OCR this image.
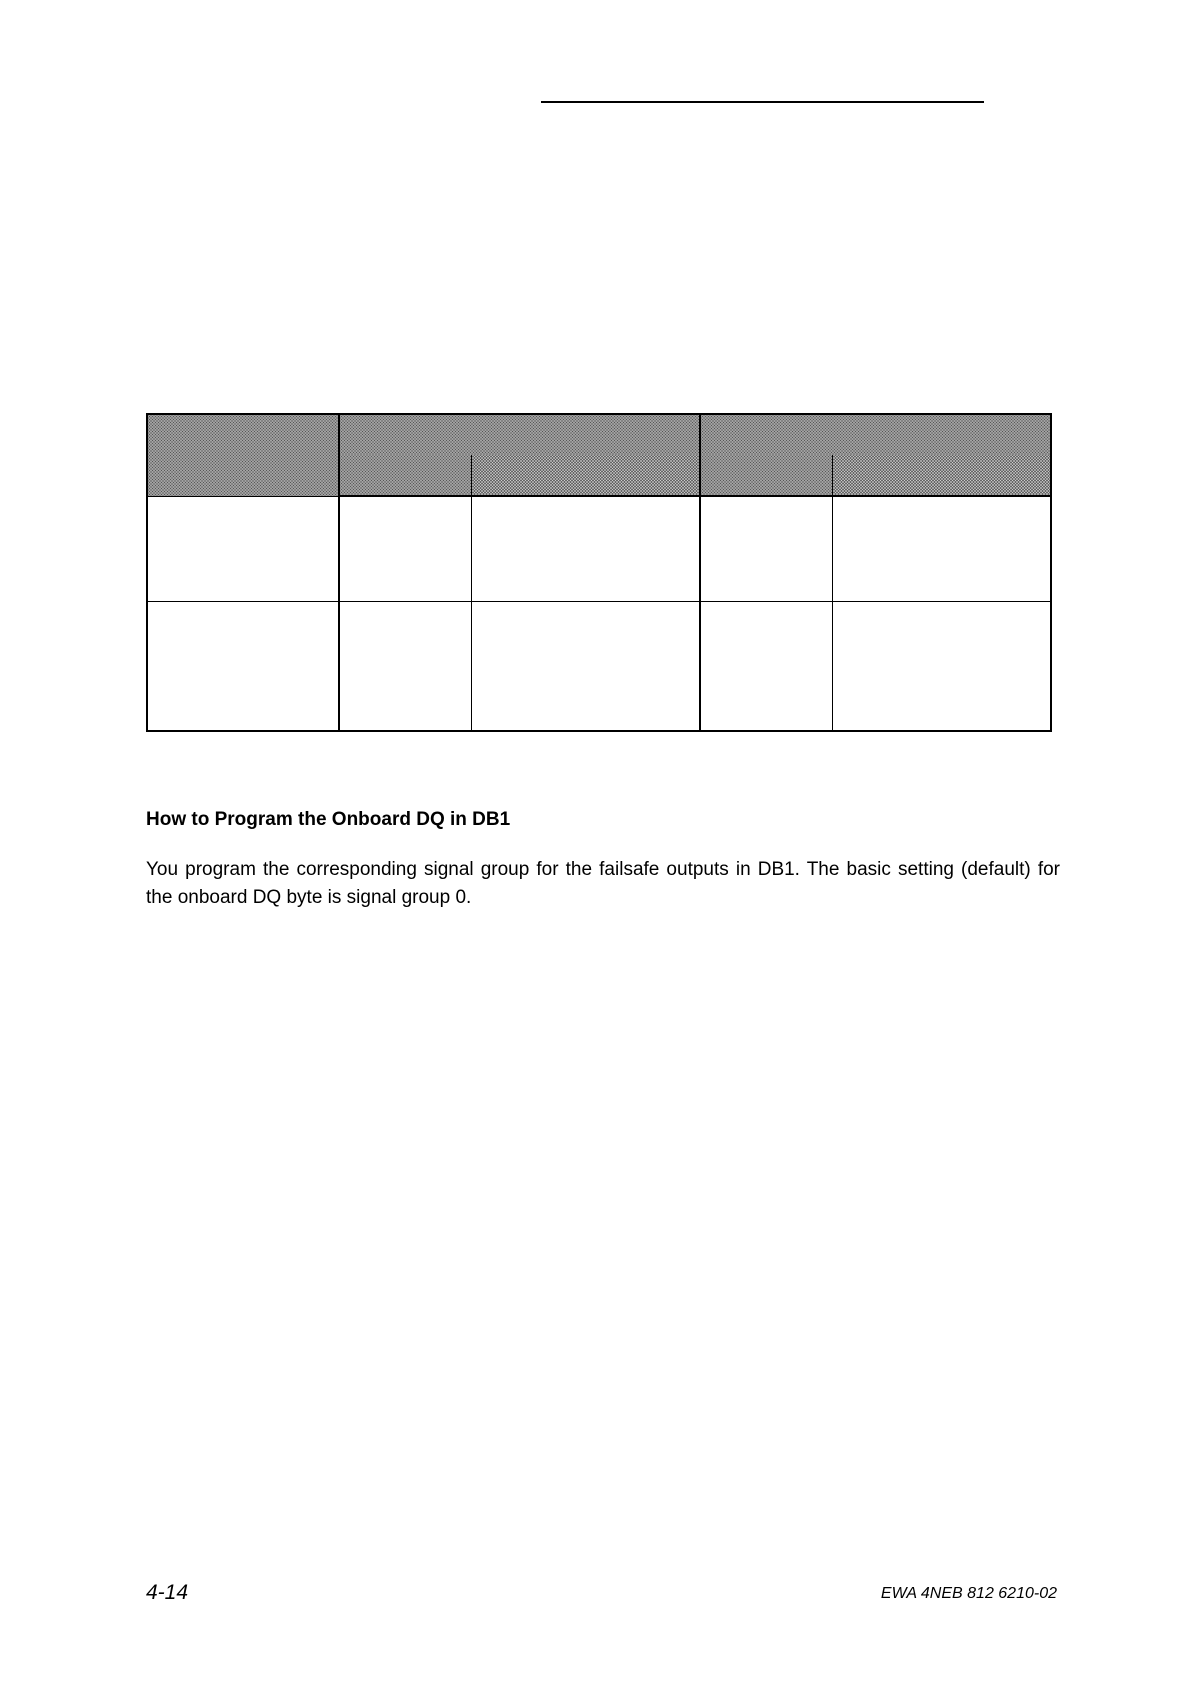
How to Program the Onboard DQ in DB1

You program the corresponding signal group for the failsafe outputs in DB1. The basic setting (default) for the onboard DQ byte is signal group 0.

4-14	EWA 4NEB 812 6210-02
